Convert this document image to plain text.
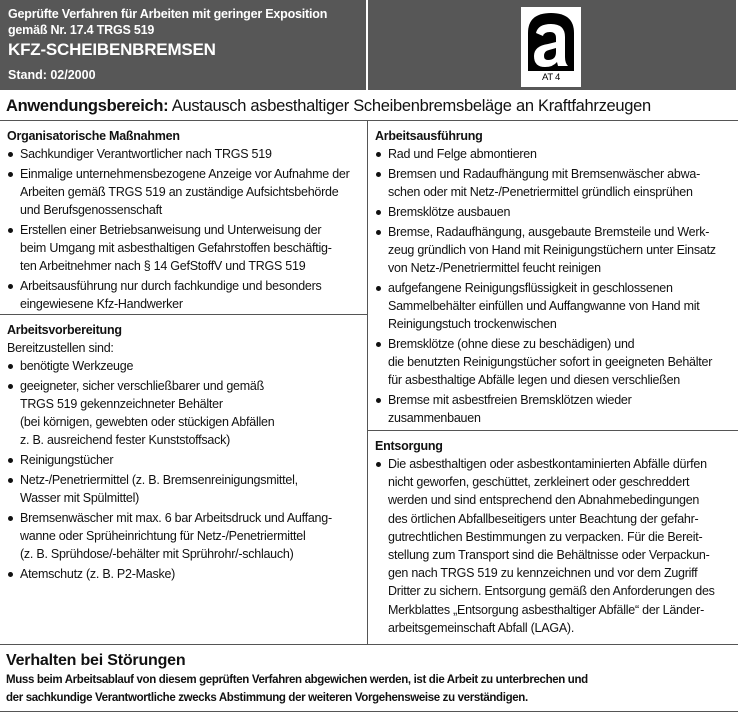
Geprüfte Verfahren für Arbeiten mit geringer Exposition
gemäß Nr. 17.4 TRGS 519
KFZ-SCHEIBENBREMSEN
Stand: 02/2000	AT 4
Anwendungsbereich: Austausch asbesthaltiger Scheibenbremsbeläge an Kraftfahrzeugen
Organisatorische Maßnahmen
Sachkundiger Verantwortlicher nach TRGS 519
Einmalige unternehmensbezogene Anzeige vor Aufnahme der
Arbeiten gemäß TRGS 519 an zuständige Aufsichtsbehörde
und Berufsgenossenschaft
Erstellen einer Betriebsanweisung und Unterweisung der
beim Umgang mit asbesthaltigen Gefahrstoffen beschäftig-
ten Arbeitnehmer nach § 14 GefStoffV und TRGS 519
Arbeitsausführung nur durch fachkundige und besonders
eingewiesene Kfz-Handwerker
Arbeitsvorbereitung
Bereitzustellen sind:
benötigte Werkzeuge
geeigneter, sicher verschließbarer und gemäß
TRGS 519 gekennzeichneter Behälter
(bei körnigen, gewebten oder stückigen Abfällen
z. B. ausreichend fester Kunststoffsack)
Reinigungstücher
Netz-/Penetriermittel (z. B. Bremsenreinigungsmittel,
Wasser mit Spülmittel)
Bremsenwäscher mit max. 6 bar Arbeitsdruck und Auffang-
wanne oder Sprüheinrichtung für Netz-/Penetriermittel
(z. B. Sprühdose/-behälter mit Sprührohr/-schlauch)
Atemschutz (z. B. P2-Maske)
Arbeitsausführung
Rad und Felge abmontieren
Bremsen und Radaufhängung mit Bremsenwäscher abwa-
schen oder mit Netz-/Penetriermittel gründlich einsprühen
Bremsklötze ausbauen
Bremse, Radaufhängung, ausgebaute Bremsteile und Werk-
zeug gründlich von Hand mit Reinigungstüchern unter Einsatz
von Netz-/Penetriermittel feucht reinigen
aufgefangene Reinigungsflüssigkeit in geschlossenen
Sammelbehälter einfüllen und Auffangwanne von Hand mit
Reinigungstuch trockenwischen
Bremsklötze (ohne diese zu beschädigen) und
die benutzten Reinigungstücher sofort in geeigneten Behälter
für asbesthaltige Abfälle legen und diesen verschließen
Bremse mit asbestfreien Bremsklötzen wieder
zusammenbauen
Entsorgung
Die asbesthaltigen oder asbestkontaminierten Abfälle dürfen
nicht geworfen, geschüttet, zerkleinert oder geschreddert
werden und sind entsprechend den Abnahmebedingungen
des örtlichen Abfallbeseitigers unter Beachtung der gefahr-
gutrechtlichen Bestimmungen zu verpacken. Für die Bereit-
stellung zum Transport sind die Behältnisse oder Verpackun-
gen nach TRGS 519 zu kennzeichnen und vor dem Zugriff
Dritter zu sichern. Entsorgung gemäß den Anforderungen des
Merkblattes „Entsorgung asbesthaltiger Abfälle“ der Länder-
arbeitsgemeinschaft Abfall (LAGA).
Verhalten bei Störungen
Muss beim Arbeitsablauf von diesem geprüften Verfahren abgewichen werden, ist die Arbeit zu unterbrechen und
der sachkundige Verantwortliche zwecks Abstimmung der weiteren Vorgehensweise zu verständigen.
